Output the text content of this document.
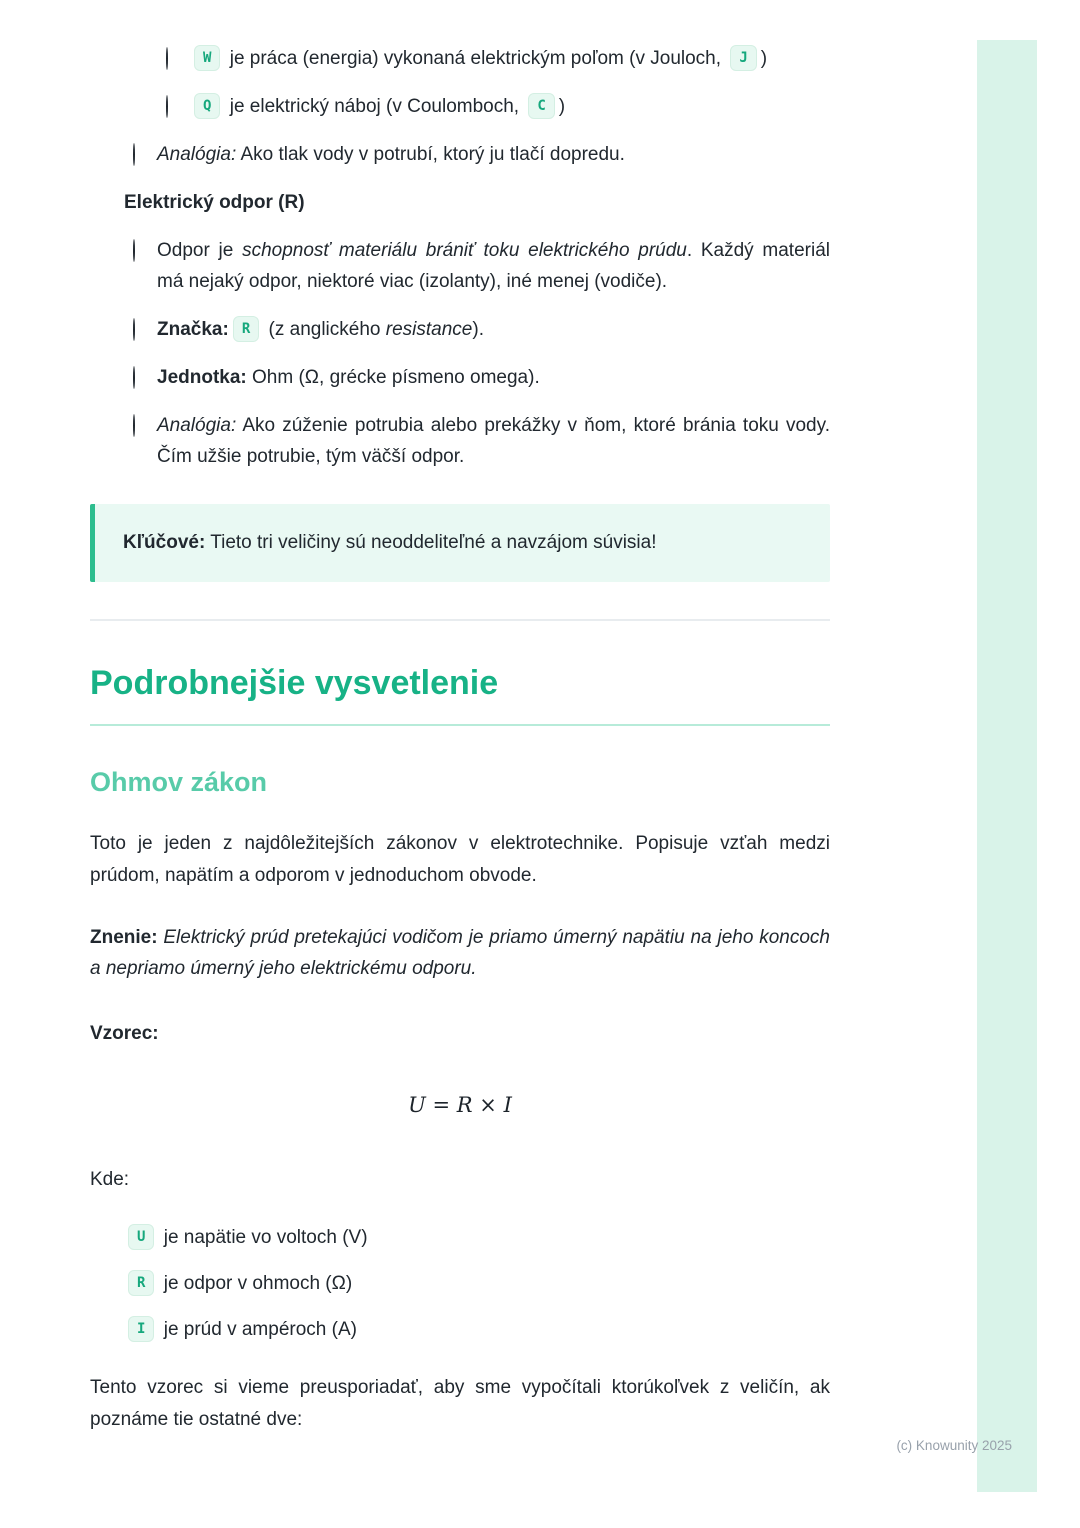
W je práca (energia) vykonaná elektrickým poľom (v Jouloch, J )
Q je elektrický náboj (v Coulomboch, C )
Analógia: Ako tlak vody v potrubí, ktorý ju tlačí dopredu.
Elektrický odpor (R)
Odpor je schopnosť materiálu brániť toku elektrického prúdu. Každý materiál má nejaký odpor, niektoré viac (izolanty), iné menej (vodiče).
Značka: R (z anglického resistance).
Jednotka: Ohm (Ω, grécke písmeno omega).
Analógia: Ako zúženie potrubia alebo prekážky v ňom, ktoré bránia toku vody. Čím užšie potrubie, tým väčší odpor.
Kľúčové: Tieto tri veličiny sú neoddeliteľné a navzájom súvisia!
Podrobnejšie vysvetlenie
Ohmov zákon

Toto je jeden z najdôležitejších zákonov v elektrotechnike. Popisuje vzťah medzi prúdom, napätím a odporom v jednoduchom obvode.

Znenie: Elektrický prúd pretekajúci vodičom je priamo úmerný napätiu na jeho koncoch a nepriamo úmerný jeho elektrickému odporu.

Vzorec:

U = R × I

Kde:

U je napätie vo voltoch (V)
R je odpor v ohmoch (Ω)
I je prúd v ampéroch (A)

Tento vzorec si vieme preusporiadať, aby sme vypočítali ktorúkoľvek z veličín, ak poznáme tie ostatné dve:

(c) Knowunity 2025
